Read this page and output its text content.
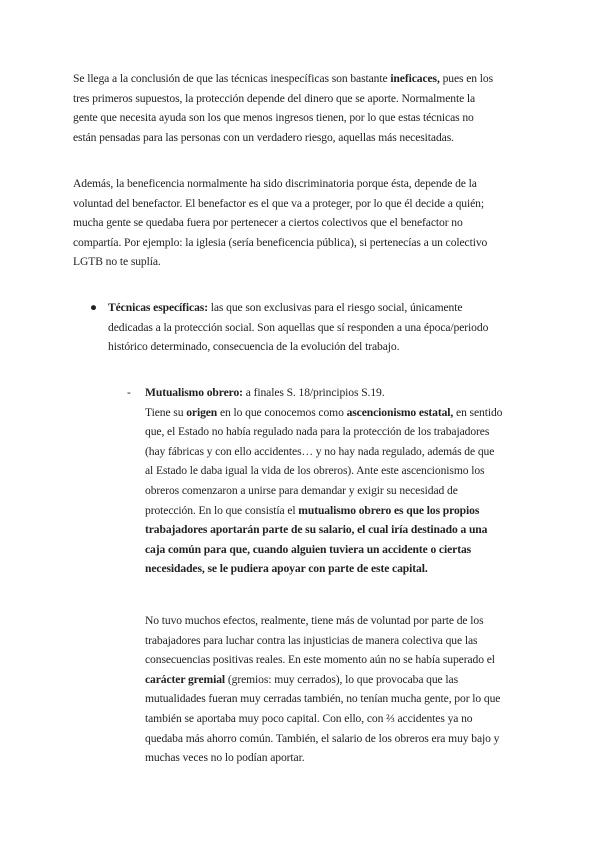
Se llega a la conclusión de que las técnicas inespecíficas son bastante ineficaces, pues en los
tres primeros supuestos, la protección depende del dinero que se aporte. Normalmente la
gente que necesita ayuda son los que menos ingresos tienen, por lo que estas técnicas no
están pensadas para las personas con un verdadero riesgo, aquellas más necesitadas.
Además, la beneficencia normalmente ha sido discriminatoria porque ésta, depende de la
voluntad del benefactor. El benefactor es el que va a proteger, por lo que él decide a quién;
mucha gente se quedaba fuera por pertenecer a ciertos colectivos que el benefactor no
compartía. Por ejemplo: la iglesia (sería beneficencia pública), si pertenecías a un colectivo
LGTB no te suplía.
● Técnicas específicas: las que son exclusivas para el riesgo social, únicamente
dedicadas a la protección social. Son aquellas que sí responden a una época/periodo
histórico determinado, consecuencia de la evolución del trabajo.
- Mutualismo obrero: a finales S. 18/principios S.19.
Tiene su origen en lo que conocemos como ascencionismo estatal, en sentido
que, el Estado no había regulado nada para la protección de los trabajadores
(hay fábricas y con ello accidentes… y no hay nada regulado, además de que
al Estado le daba igual la vida de los obreros). Ante este ascencionismo los
obreros comenzaron a unirse para demandar y exigir su necesidad de
protección. En lo que consistía el mutualismo obrero es que los propios
trabajadores aportarán parte de su salario, el cual iría destinado a una
caja común para que, cuando alguien tuviera un accidente o ciertas
necesidades, se le pudiera apoyar con parte de este capital.
No tuvo muchos efectos, realmente, tiene más de voluntad por parte de los
trabajadores para luchar contra las injusticias de manera colectiva que las
consecuencias positivas reales. En este momento aún no se había superado el
carácter gremial (gremios: muy cerrados), lo que provocaba que las
mutualidades fueran muy cerradas también, no tenían mucha gente, por lo que
también se aportaba muy poco capital. Con ello, con ⅔ accidentes ya no
quedaba más ahorro común. También, el salario de los obreros era muy bajo y
muchas veces no lo podían aportar.
